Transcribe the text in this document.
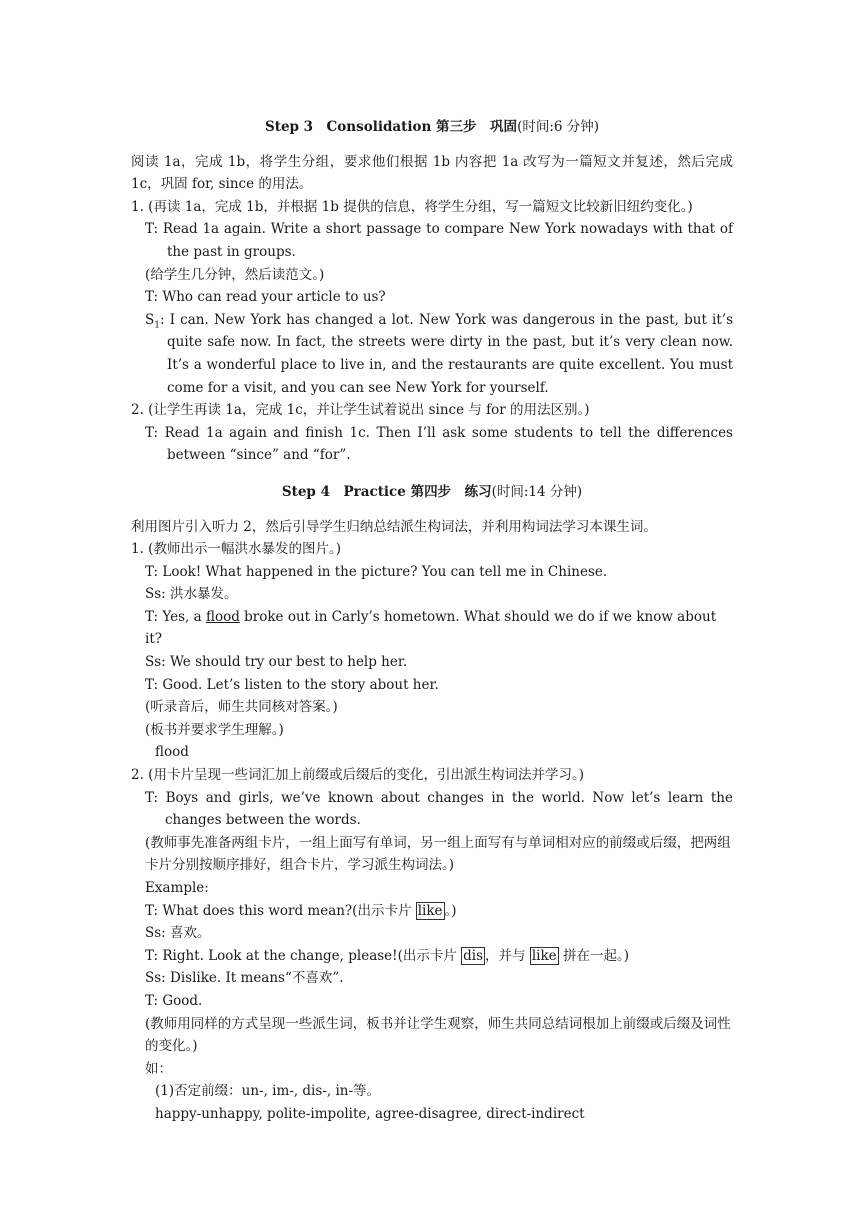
Step 3　Consolidation 第三步　巩固(时间:6 分钟)
阅读 1a，完成 1b，将学生分组，要求他们根据 1b 内容把 1a 改写为一篇短文并复述，然后完成 1c，巩固 for, since 的用法。
1. (再读 1a，完成 1b，并根据 1b 提供的信息，将学生分组，写一篇短文比较新旧纽约变化。)
T: Read 1a again. Write a short passage to compare New York nowadays with that of the past in groups.
(给学生几分钟，然后读范文。)
T: Who can read your article to us?
$S_1$: I can. New York has changed a lot. New York was dangerous in the past, but it’s quite safe now. In fact, the streets were dirty in the past, but it’s very clean now. It’s a wonderful place to live in, and the restaurants are quite excellent. You must come for a visit, and you can see New York for yourself.
2. (让学生再读 1a，完成 1c，并让学生试着说出 since 与 for 的用法区别。)
T: Read 1a again and finish 1c. Then I’ll ask some students to tell the differences between “since” and “for”.
Step 4　Practice 第四步　练习(时间:14 分钟)
利用图片引入听力 2，然后引导学生归纳总结派生构词法，并利用构词法学习本课生词。
1. (教师出示一幅洪水暴发的图片。)
T: Look! What happened in the picture? You can tell me in Chinese.
Ss: 洪水暴发。
T: Yes, a flood broke out in Carly’s hometown. What should we do if we know about it?
Ss: We should try our best to help her.
T: Good. Let’s listen to the story about her.
(听录音后，师生共同核对答案。)
(板书并要求学生理解。)
flood
2. (用卡片呈现一些词汇加上前缀或后缀后的变化，引出派生构词法并学习。)
T: Boys and girls, we’ve known about changes in the world. Now let’s learn the changes between the words.
(教师事先准备两组卡片，一组上面写有单词，另一组上面写有与单词相对应的前缀或后缀，把两组卡片分别按顺序排好，组合卡片，学习派生构词法。)
Example:
T: What does this word mean?(出示卡片 like 。)
Ss: 喜欢。
T: Right. Look at the change, please!(出示卡片 dis ，并与 like 拼在一起。)
Ss: Dislike. It means“不喜欢”.
T: Good.
(教师用同样的方式呈现一些派生词，板书并让学生观察，师生共同总结词根加上前缀或后缀及词性的变化。)
如：
(1)否定前缀：un-, im-, dis-, in-等。
happy-unhappy, polite-impolite, agree-disagree, direct-indirect
